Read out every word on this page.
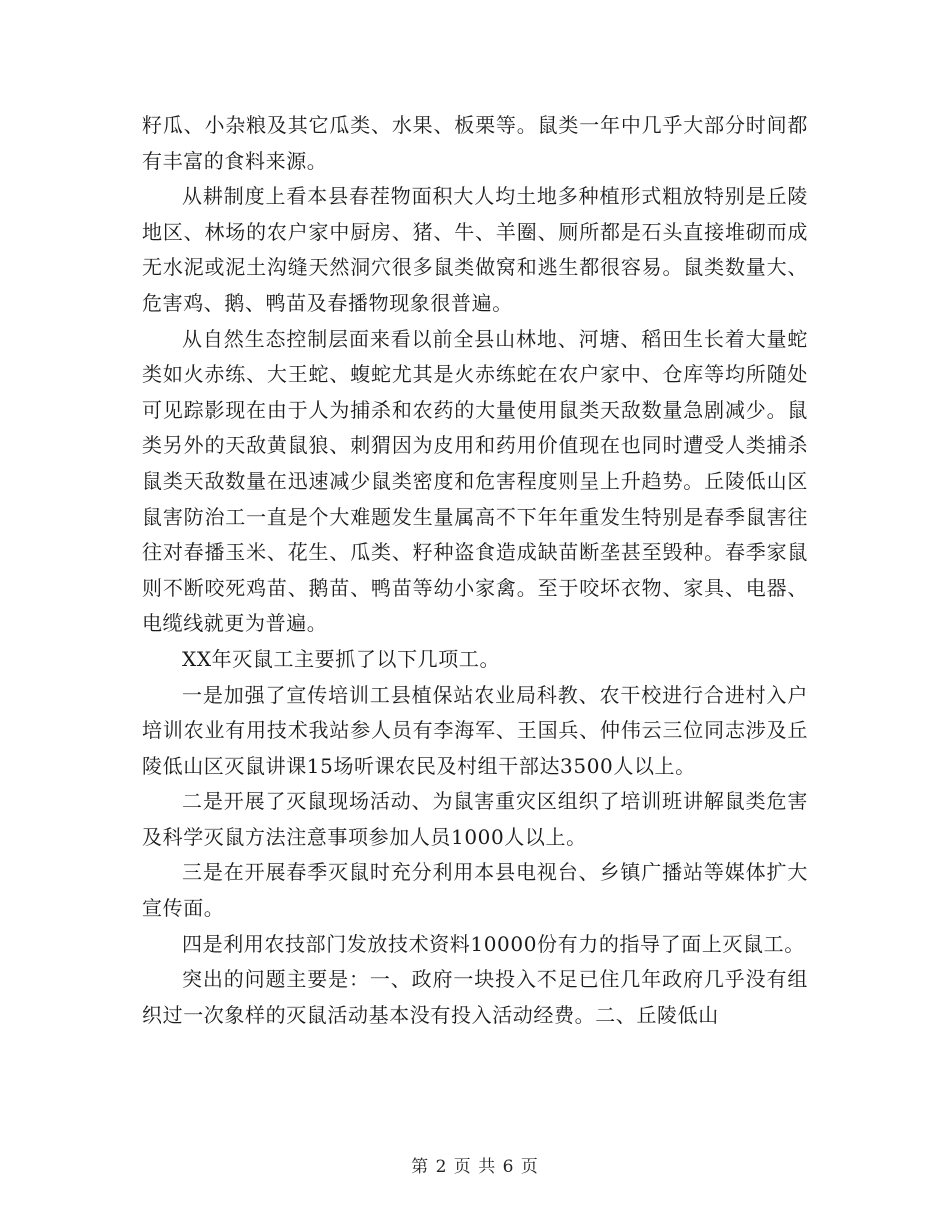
籽瓜、小杂粮及其它瓜类、水果、板栗等。鼠类一年中几乎大部分时间都有丰富的食料来源。

从耕制度上看本县春茬物面积大人均土地多种植形式粗放特别是丘陵地区、林场的农户家中厨房、猪、牛、羊圈、厕所都是石头直接堆砌而成无水泥或泥土沟缝天然洞穴很多鼠类做窝和逃生都很容易。鼠类数量大、危害鸡、鹅、鸭苗及春播物现象很普遍。

从自然生态控制层面来看以前全县山林地、河塘、稻田生长着大量蛇类如火赤练、大王蛇、蝮蛇尤其是火赤练蛇在农户家中、仓库等均所随处可见踪影现在由于人为捕杀和农药的大量使用鼠类天敌数量急剧减少。鼠类另外的天敌黄鼠狼、刺猬因为皮用和药用价值现在也同时遭受人类捕杀鼠类天敌数量在迅速减少鼠类密度和危害程度则呈上升趋势。丘陵低山区鼠害防治工一直是个大难题发生量属高不下年年重发生特别是春季鼠害往往对春播玉米、花生、瓜类、籽种盗食造成缺苗断垄甚至毁种。春季家鼠则不断咬死鸡苗、鹅苗、鸭苗等幼小家禽。至于咬坏衣物、家具、电器、电缆线就更为普遍。

XX年灭鼠工主要抓了以下几项工。

一是加强了宣传培训工县植保站农业局科教、农干校进行合进村入户培训农业有用技术我站参人员有李海军、王国兵、仲伟云三位同志涉及丘陵低山区灭鼠讲课15场听课农民及村组干部达3500人以上。

二是开展了灭鼠现场活动、为鼠害重灾区组织了培训班讲解鼠类危害及科学灭鼠方法注意事项参加人员1000人以上。

三是在开展春季灭鼠时充分利用本县电视台、乡镇广播站等媒体扩大宣传面。

四是利用农技部门发放技术资料10000份有力的指导了面上灭鼠工。

突出的问题主要是：一、政府一块投入不足已住几年政府几乎没有组织过一次象样的灭鼠活动基本没有投入活动经费。二、丘陵低山

第 2 页 共 6 页
